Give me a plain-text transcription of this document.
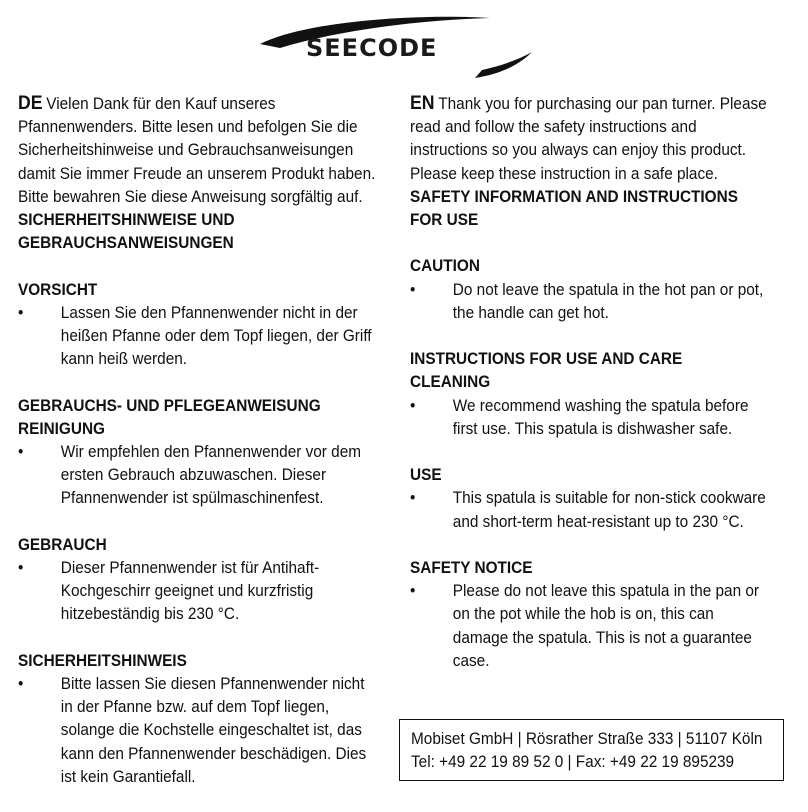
SEECODE
DE Vielen Dank für den Kauf unseres Pfannenwenders. Bitte lesen und befolgen Sie die Sicherheitshinweise und Gebrauchsanweisungen damit Sie immer Freude an unserem Produkt haben. Bitte bewahren Sie diese Anweisung sorgfältig auf. SICHERHEITSHINWEISE UND GEBRAUCHSANWEISUNGEN
VORSICHT
• Lassen Sie den Pfannenwender nicht in der heißen Pfanne oder dem Topf liegen, der Griff kann heiß werden.
GEBRAUCHS- UND PFLEGEANWEISUNG REINIGUNG
• Wir empfehlen den Pfannenwender vor dem ersten Gebrauch abzuwaschen. Dieser Pfannenwender ist spülmaschinenfest.
GEBRAUCH
• Dieser Pfannenwender ist für Antihaft-Kochgeschirr geeignet und kurzfristig hitzebeständig bis 230 °C.
SICHERHEITSHINWEIS
• Bitte lassen Sie diesen Pfannenwender nicht in der Pfanne bzw. auf dem Topf liegen, solange die Kochstelle eingeschaltet ist, das kann den Pfannenwender beschädigen. Dies ist kein Garantiefall.
EN Thank you for purchasing our pan turner. Please read and follow the safety instructions and instructions so you always can enjoy this product. Please keep these instruction in a safe place. SAFETY INFORMATION AND INSTRUCTIONS FOR USE
CAUTION
• Do not leave the spatula in the hot pan or pot, the handle can get hot.
INSTRUCTIONS FOR USE AND CARE CLEANING
• We recommend washing the spatula before first use. This spatula is dishwasher safe.
USE
• This spatula is suitable for non-stick cookware and short-term heat-resistant up to 230 °C.
SAFETY NOTICE
• Please do not leave this spatula in the pan or on the pot while the hob is on, this can damage the spatula. This is not a guarantee case.
Mobiset GmbH | Rösrather Straße 333 | 51107 Köln
Tel: +49 22 19 89 52 0 | Fax: +49 22 19 895239
